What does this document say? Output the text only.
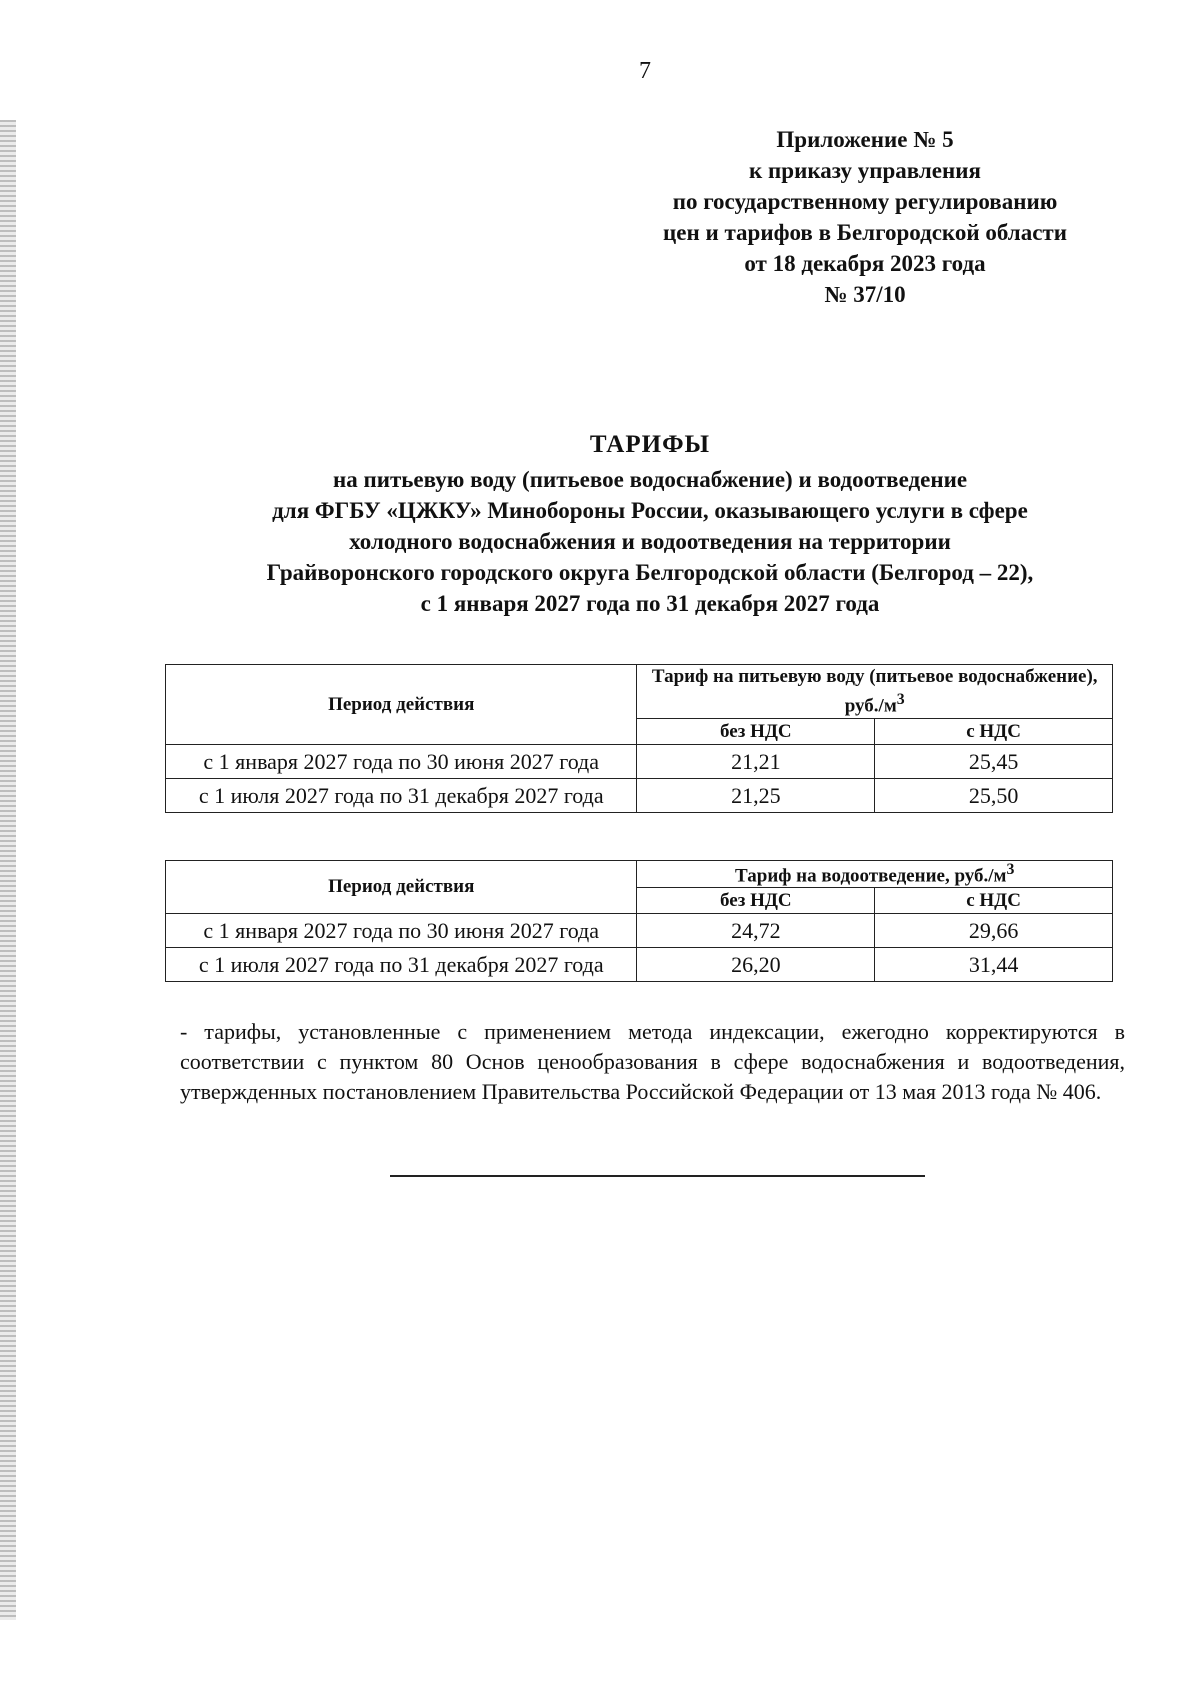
7
Приложение № 5
к приказу управления
по государственному регулированию
цен и тарифов в Белгородской области
от 18 декабря 2023 года
№ 37/10
ТАРИФЫ
на питьевую воду (питьевое водоснабжение) и водоотведение
для ФГБУ «ЦЖКУ» Минобороны России, оказывающего услуги в сфере
холодного водоснабжения и водоотведения на территории
Грайворонского городского округа Белгородской области (Белгород – 22),
с 1 января 2027 года по 31 декабря 2027 года
Период действия	Тариф на питьевую воду (питьевое водоснабжение), $руб./м^3$
	без НДС	с НДС
с 1 января 2027 года по 30 июня 2027 года	21,21	25,45
с 1 июля 2027 года по 31 декабря 2027 года	21,25	25,50
Период действия	Тариф на водоотведение, $руб./м^3$
	без НДС	с НДС
с 1 января 2027 года по 30 июня 2027 года	24,72	29,66
с 1 июля 2027 года по 31 декабря 2027 года	26,20	31,44
- тарифы, установленные с применением метода индексации, ежегодно корректируются в соответствии с пунктом 80 Основ ценообразования в сфере водоснабжения и водоотведения, утвержденных постановлением Правительства Российской Федерации от 13 мая 2013 года № 406.
